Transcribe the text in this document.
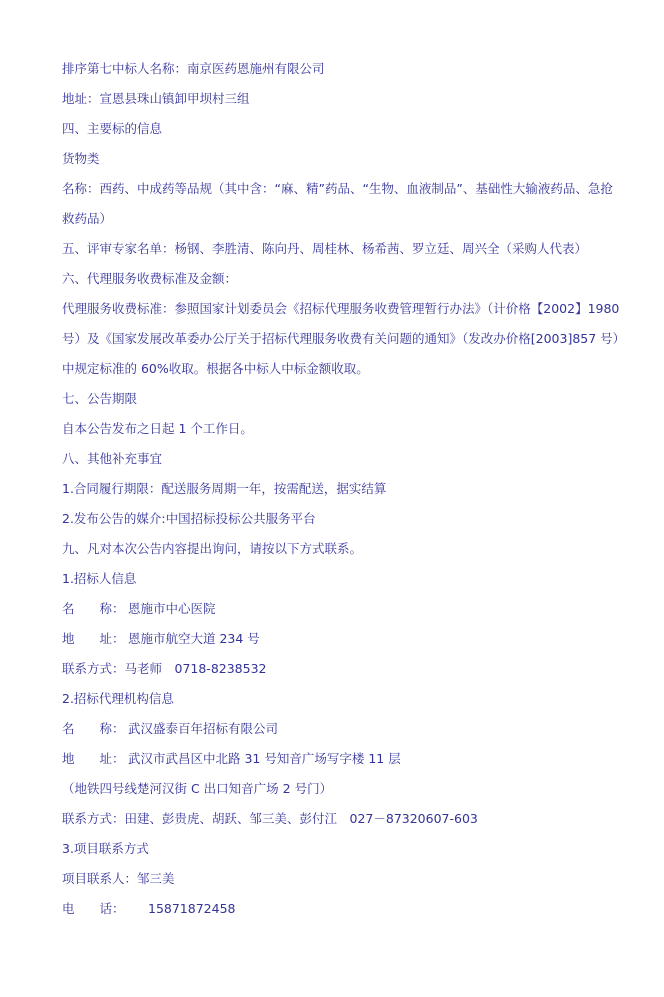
排序第七中标人名称：南京医药恩施州有限公司
地址：宣恩县珠山镇卸甲坝村三组
四、主要标的信息
货物类
名称：西药、中成药等品规（其中含：“麻、精”药品、“生物、血液制品”、基础性大输液药品、急抢救药品）
五、评审专家名单：杨钢、李胜清、陈向丹、周桂林、杨希茜、罗立廷、周兴全（采购人代表）
六、代理服务收费标准及金额：
代理服务收费标准：参照国家计划委员会《招标代理服务收费管理暂行办法》（计价格【2002】1980 号）及《国家发展改革委办公厅关于招标代理服务收费有关问题的通知》（发改办价格[2003]857 号）中规定标准的 60%收取。根据各中标人中标金额收取。
七、公告期限
自本公告发布之日起 1 个工作日。
八、其他补充事宜
1.合同履行期限：配送服务周期一年，按需配送，据实结算
2.发布公告的媒介:中国招标投标公共服务平台
九、凡对本次公告内容提出询问，请按以下方式联系。
1.招标人信息
名　　称： 恩施市中心医院
地　　址： 恩施市航空大道 234 号
联系方式：马老师　0718-8238532
2.招标代理机构信息
名　　称： 武汉盛泰百年招标有限公司
地　　址： 武汉市武昌区中北路 31 号知音广场写字楼 11 层
（地铁四号线楚河汉街 C 出口知音广场 2 号门）
联系方式：田建、彭贵虎、胡跃、邹三美、彭付江　027－87320607-603
3.项目联系方式
项目联系人：邹三美
电　　话： 15871872458
